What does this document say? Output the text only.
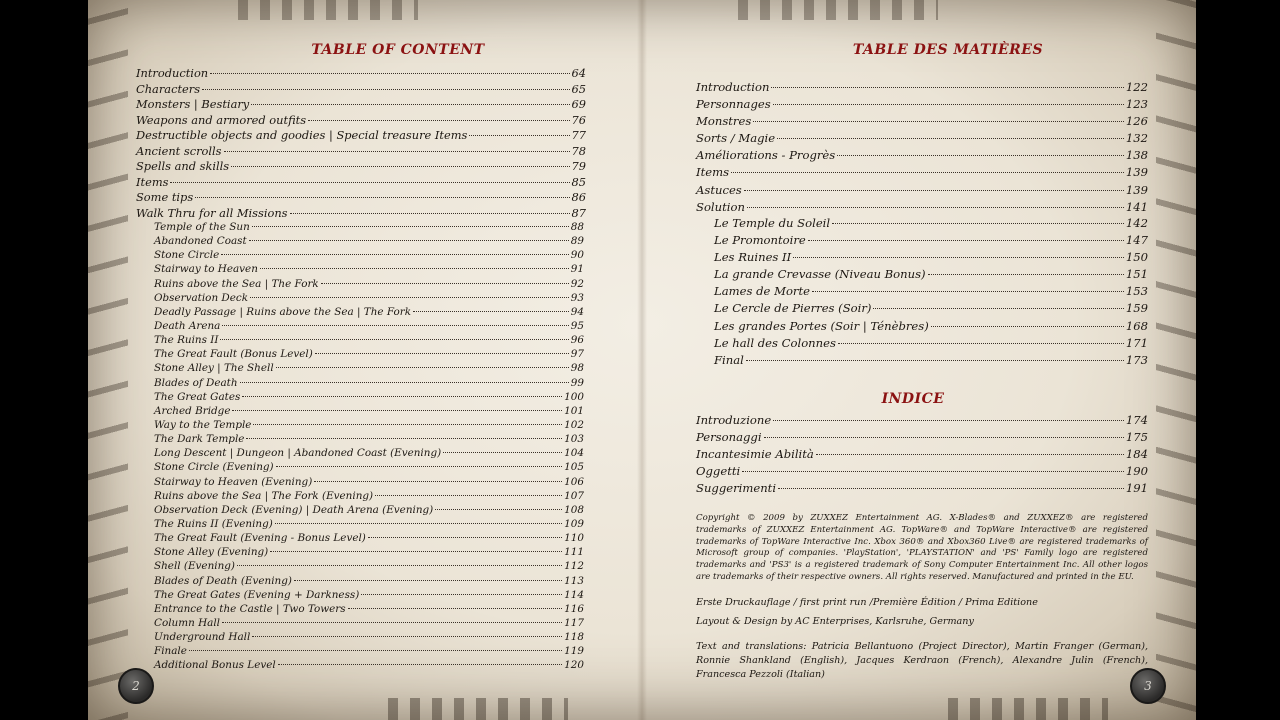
TABLE OF CONTENT
Introduction	64
Characters	65
Monsters | Bestiary	69
Weapons and armored outfits	76
Destructible objects and goodies | Special treasure Items	77
Ancient scrolls	78
Spells and skills	79
Items	85
Some tips	86
Walk Thru for all Missions	87
Temple of the Sun	88
Abandoned Coast	89
Stone Circle	90
Stairway to Heaven	91
Ruins above the Sea | The Fork	92
Observation Deck	93
Deadly Passage | Ruins above the Sea | The Fork	94
Death Arena	95
The Ruins II	96
The Great Fault (Bonus Level)	97
Stone Alley | The Shell	98
Blades of Death	99
The Great Gates	100
Arched Bridge	101
Way to the Temple	102
The Dark Temple	103
Long Descent | Dungeon | Abandoned Coast (Evening)	104
Stone Circle (Evening)	105
Stairway to Heaven (Evening)	106
Ruins above the Sea | The Fork (Evening)	107
Observation Deck (Evening) | Death Arena (Evening)	108
The Ruins II (Evening)	109
The Great Fault (Evening - Bonus Level)	110
Stone Alley (Evening)	111
Shell (Evening)	112
Blades of Death (Evening)	113
The Great Gates (Evening + Darkness)	114
Entrance to the Castle | Two Towers	116
Column Hall	117
Underground Hall	118
Finale	119
Additional Bonus Level	120
2
TABLE DES MATIÈRES
Introduction	122
Personnages	123
Monstres	126
Sorts / Magie	132
Améliorations - Progrès	138
Items	139
Astuces	139
Solution	141
Le Temple du Soleil	142
Le Promontoire	147
Les Ruines II	150
La grande Crevasse (Niveau Bonus)	151
Lames de Morte	153
Le Cercle de Pierres (Soir)	159
Les grandes Portes (Soir | Ténèbres)	168
Le hall des Colonnes	171
Final	173
INDICE
Introduzione	174
Personaggi	175
Incantesimie Abilità	184
Oggetti	190
Suggerimenti	191
Copyright © 2009 by ZUXXEZ Entertainment AG. X-Blades® and ZUXXEZ® are registered trademarks of ZUXXEZ Entertainment AG. TopWare® and TopWare Interactive® are registered trademarks of TopWare Interactive Inc. Xbox 360® and Xbox360 Live® are registered trademarks of Microsoft group of companies. 'PlayStation', 'PLAYSTATION' and 'PS' Family logo are registered trademarks and 'PS3' is a registered trademark of Sony Computer Entertainment Inc. All other logos are trademarks of their respective owners. All rights reserved. Manufactured and printed in the EU.
Erste Druckauflage / first print run /Première Édition / Prima Editione
Layout & Design by AC Enterprises, Karlsruhe, Germany
Text and translations: Patricia Bellantuono (Project Director), Martin Franger (German), Ronnie Shankland (English), Jacques Kerdraon (French), Alexandre Julin (French), Francesca Pezzoli (Italian)
3
